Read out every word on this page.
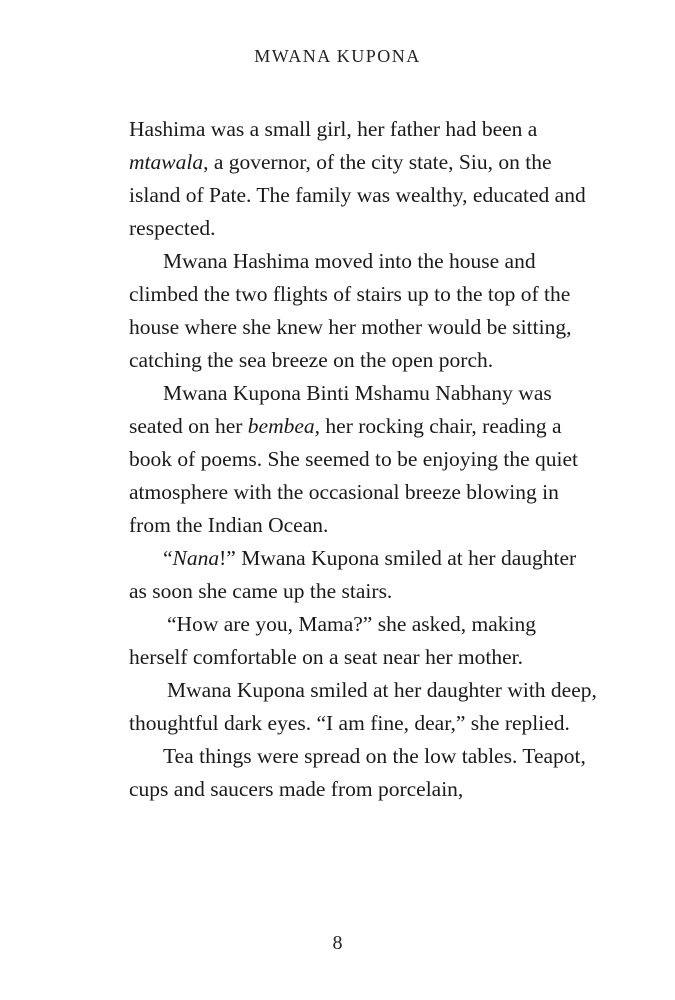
MWANA KUPONA

Hashima was a small girl, her father had been a mtawala, a governor, of the city state, Siu, on the island of Pate. The family was wealthy, educated and respected.

Mwana Hashima moved into the house and climbed the two flights of stairs up to the top of the house where she knew her mother would be sitting, catching the sea breeze on the open porch.

Mwana Kupona Binti Mshamu Nabhany was seated on her bembea, her rocking chair, reading a book of poems. She seemed to be enjoying the quiet atmosphere with the occasional breeze blowing in from the Indian Ocean.

“Nana!” Mwana Kupona smiled at her daughter as soon she came up the stairs.

“How are you, Mama?” she asked, making herself comfortable on a seat near her mother.

Mwana Kupona smiled at her daughter with deep, thoughtful dark eyes. “I am fine, dear,” she replied.

Tea things were spread on the low tables. Teapot, cups and saucers made from porcelain,

8
